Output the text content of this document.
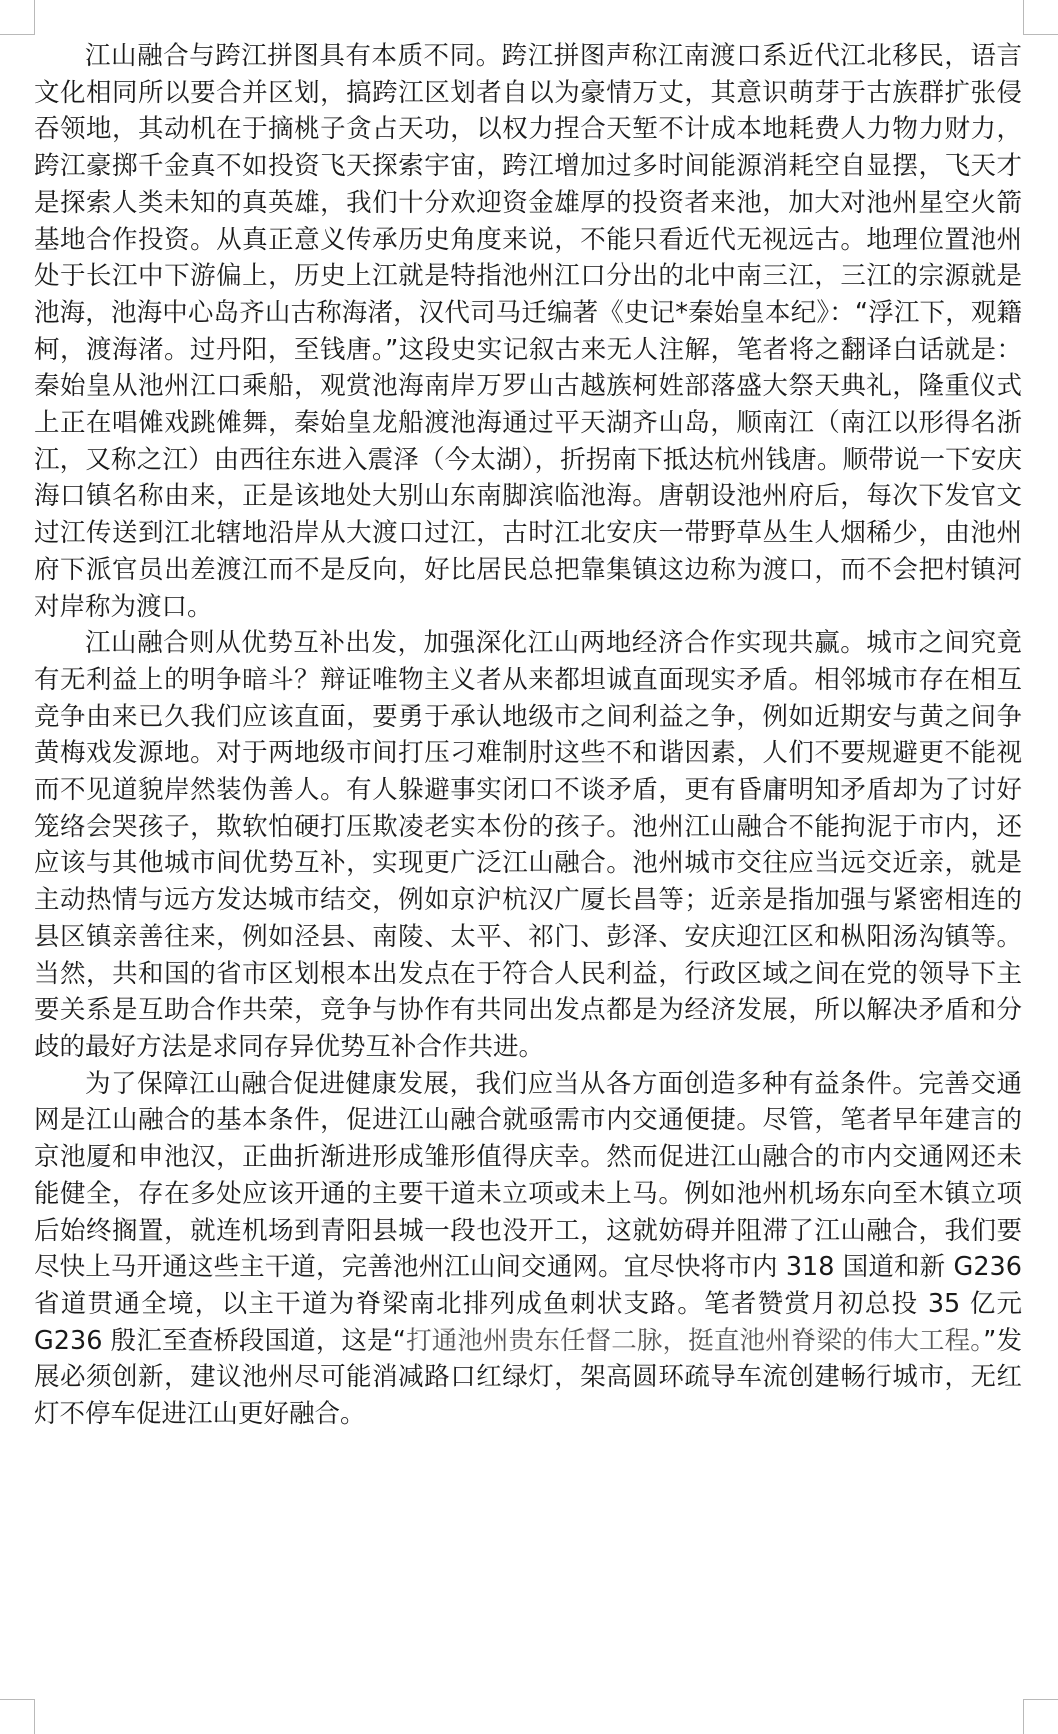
江山融合与跨江拼图具有本质不同。跨江拼图声称江南渡口系近代江北移民，语言文化相同所以要合并区划，搞跨江区划者自以为豪情万丈，其意识萌芽于古族群扩张侵吞领地，其动机在于摘桃子贪占天功，以权力捏合天堑不计成本地耗费人力物力财力，跨江豪掷千金真不如投资飞天探索宇宙，跨江增加过多时间能源消耗空自显摆，飞天才是探索人类未知的真英雄，我们十分欢迎资金雄厚的投资者来池，加大对池州星空火箭基地合作投资。从真正意义传承历史角度来说，不能只看近代无视远古。地理位置池州处于长江中下游偏上，历史上江就是特指池州江口分出的北中南三江，三江的宗源就是池海，池海中心岛齐山古称海渚，汉代司马迁编著《史记*秦始皇本纪》：“浮江下，观籍柯，渡海渚。过丹阳，至钱唐。”这段史实记叙古来无人注解，笔者将之翻译白话就是：秦始皇从池州江口乘船，观赏池海南岸万罗山古越族柯姓部落盛大祭天典礼，隆重仪式上正在唱傩戏跳傩舞，秦始皇龙船渡池海通过平天湖齐山岛，顺南江（南江以形得名浙江，又称之江）由西往东进入震泽（今太湖），折拐南下抵达杭州钱唐。顺带说一下安庆海口镇名称由来，正是该地处大别山东南脚滨临池海。唐朝设池州府后，每次下发官文过江传送到江北辖地沿岸从大渡口过江，古时江北安庆一带野草丛生人烟稀少，由池州府下派官员出差渡江而不是反向，好比居民总把靠集镇这边称为渡口，而不会把村镇河对岸称为渡口。

江山融合则从优势互补出发，加强深化江山两地经济合作实现共赢。城市之间究竟有无利益上的明争暗斗？辩证唯物主义者从来都坦诚直面现实矛盾。相邻城市存在相互竞争由来已久我们应该直面，要勇于承认地级市之间利益之争，例如近期安与黄之间争黄梅戏发源地。对于两地级市间打压刁难制肘这些不和谐因素，人们不要规避更不能视而不见道貌岸然装伪善人。有人躲避事实闭口不谈矛盾，更有昏庸明知矛盾却为了讨好笼络会哭孩子，欺软怕硬打压欺凌老实本份的孩子。池州江山融合不能拘泥于市内，还应该与其他城市间优势互补，实现更广泛江山融合。池州城市交往应当远交近亲，就是主动热情与远方发达城市结交，例如京沪杭汉广厦长昌等；近亲是指加强与紧密相连的县区镇亲善往来，例如泾县、南陵、太平、祁门、彭泽、安庆迎江区和枞阳汤沟镇等。当然，共和国的省市区划根本出发点在于符合人民利益，行政区域之间在党的领导下主要关系是互助合作共荣，竞争与协作有共同出发点都是为经济发展，所以解决矛盾和分歧的最好方法是求同存异优势互补合作共进。

为了保障江山融合促进健康发展，我们应当从各方面创造多种有益条件。完善交通网是江山融合的基本条件，促进江山融合就亟需市内交通便捷。尽管，笔者早年建言的京池厦和申池汉，正曲折渐进形成雏形值得庆幸。然而促进江山融合的市内交通网还未能健全，存在多处应该开通的主要干道未立项或未上马。例如池州机场东向至木镇立项后始终搁置，就连机场到青阳县城一段也没开工，这就妨碍并阻滞了江山融合，我们要尽快上马开通这些主干道，完善池州江山间交通网。宜尽快将市内 318 国道和新 G236 省道贯通全境，以主干道为脊梁南北排列成鱼刺状支路。笔者赞赏月初总投 35 亿元 G236 殷汇至查桥段国道，这是“打通池州贵东任督二脉，挺直池州脊梁的伟大工程。”发展必须创新，建议池州尽可能消减路口红绿灯，架高圆环疏导车流创建畅行城市，无红灯不停车促进江山更好融合。
